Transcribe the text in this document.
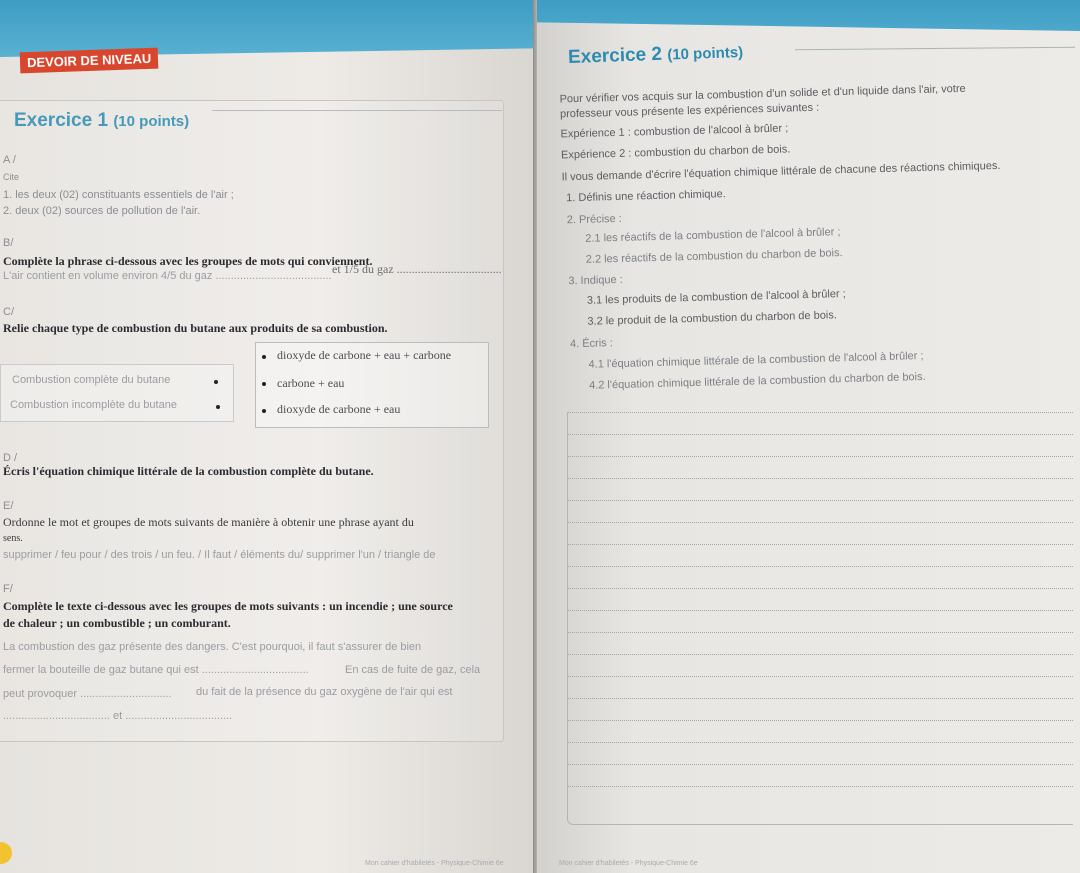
DEVOIR DE NIVEAU
Exercice 1 (10 points)
A /
Cite
1. les deux (02) constituants essentiels de l'air ;
2. deux (02) sources de pollution de l'air.
B/
Complète la phrase ci-dessous avec les groupes de mots qui conviennent.
L'air contient en volume environ 4/5 du gaz ...................................... et 1/5 du gaz ...................................
C/
Relie chaque type de combustion du butane aux produits de sa combustion.
Combustion complète du butane
Combustion incomplète du butane
dioxyde de carbone + eau + carbone
carbone + eau
dioxyde de carbone + eau
D /
Écris l'équation chimique littérale de la combustion complète du butane.
E/
Ordonne le mot et groupes de mots suivants de manière à obtenir une phrase ayant du
sens.
supprimer / feu pour / des trois / un feu. / Il faut / éléments du/ supprimer l'un / triangle de
F/
Complète le texte ci-dessous avec les groupes de mots suivants : un incendie ; une source
de chaleur ; un combustible ; un comburant.
La combustion des gaz présente des dangers. C'est pourquoi, il faut s'assurer de bien
fermer la bouteille de gaz butane qui est ...................................	En cas de fuite de gaz, cela
peut provoquer .............................. du fait de la présence du gaz oxygène de l'air qui est
................................... et ...................................
Mon cahier d'habiletés - Physique-Chimie 6e
Exercice 2 (10 points)
Pour vérifier vos acquis sur la combustion d'un solide et d'un liquide dans l'air, votre
professeur vous présente les expériences suivantes :
Expérience 1 : combustion de l'alcool à brûler ;
Expérience 2 : combustion du charbon de bois.
Il vous demande d'écrire l'équation chimique littérale de chacune des réactions chimiques.
1. Définis une réaction chimique.
2. Précise :
2.1 les réactifs de la combustion de l'alcool à brûler ;
2.2 les réactifs de la combustion du charbon de bois.
3. Indique :
3.1 les produits de la combustion de l'alcool à brûler ;
3.2 le produit de la combustion du charbon de bois.
4. Écris :
4.1 l'équation chimique littérale de la combustion de l'alcool à brûler ;
4.2 l'équation chimique littérale de la combustion du charbon de bois.
Mon cahier d'habiletés - Physique-Chimie 6e
